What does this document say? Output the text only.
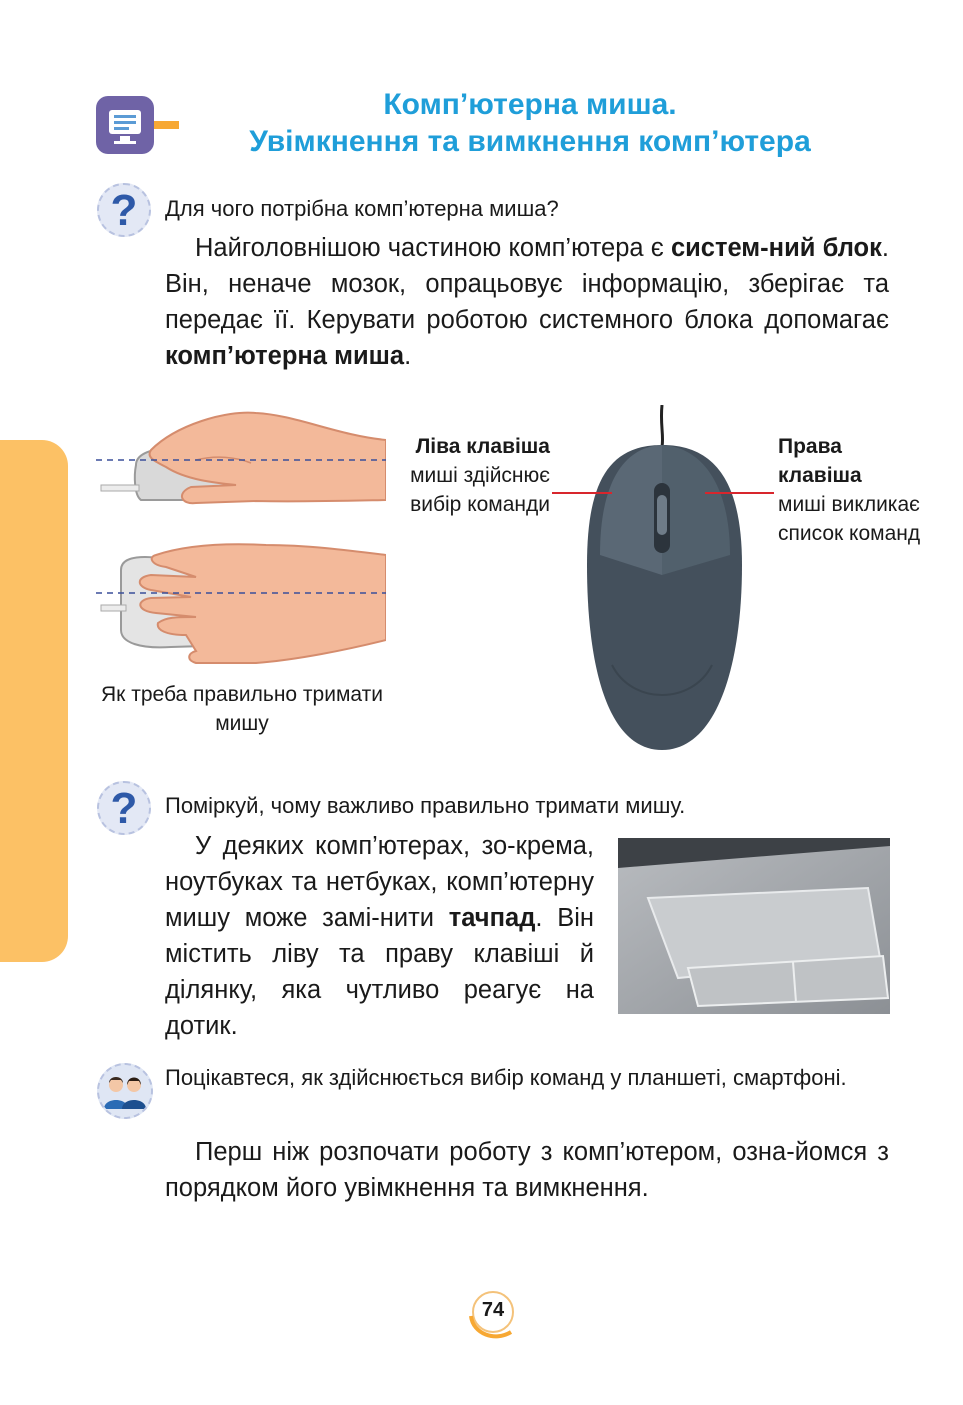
Комп’ютерна миша.
Увімкнення та вимкнення комп’ютера
?	Для чого потрібна комп’ютерна миша?
Найголовнішою частиною комп’ютера є систем-ний блок. Він, неначе мозок, опрацьовує інформацію, зберігає та передає її. Керувати роботою системного блока допомагає комп’ютерна миша.
Як треба правильно тримати мишу
Ліва клавіша
миші здійснює вибір команди
Права клавіша
миші викликає список команд
?	Поміркуй, чому важливо правильно тримати мишу.
У деяких комп’ютерах, зо-крема, ноутбуках та нетбуках, комп’ютерну мишу може замі-нити тачпад. Він містить ліву та праву клавіші й ділянку, яка чутливо реагує на дотик.
Поцікавтеся, як здійснюється вибір команд у планшеті, смартфоні.
Перш ніж розпочати роботу з комп’ютером, озна-йомся з порядком його увімкнення та вимкнення.
74
